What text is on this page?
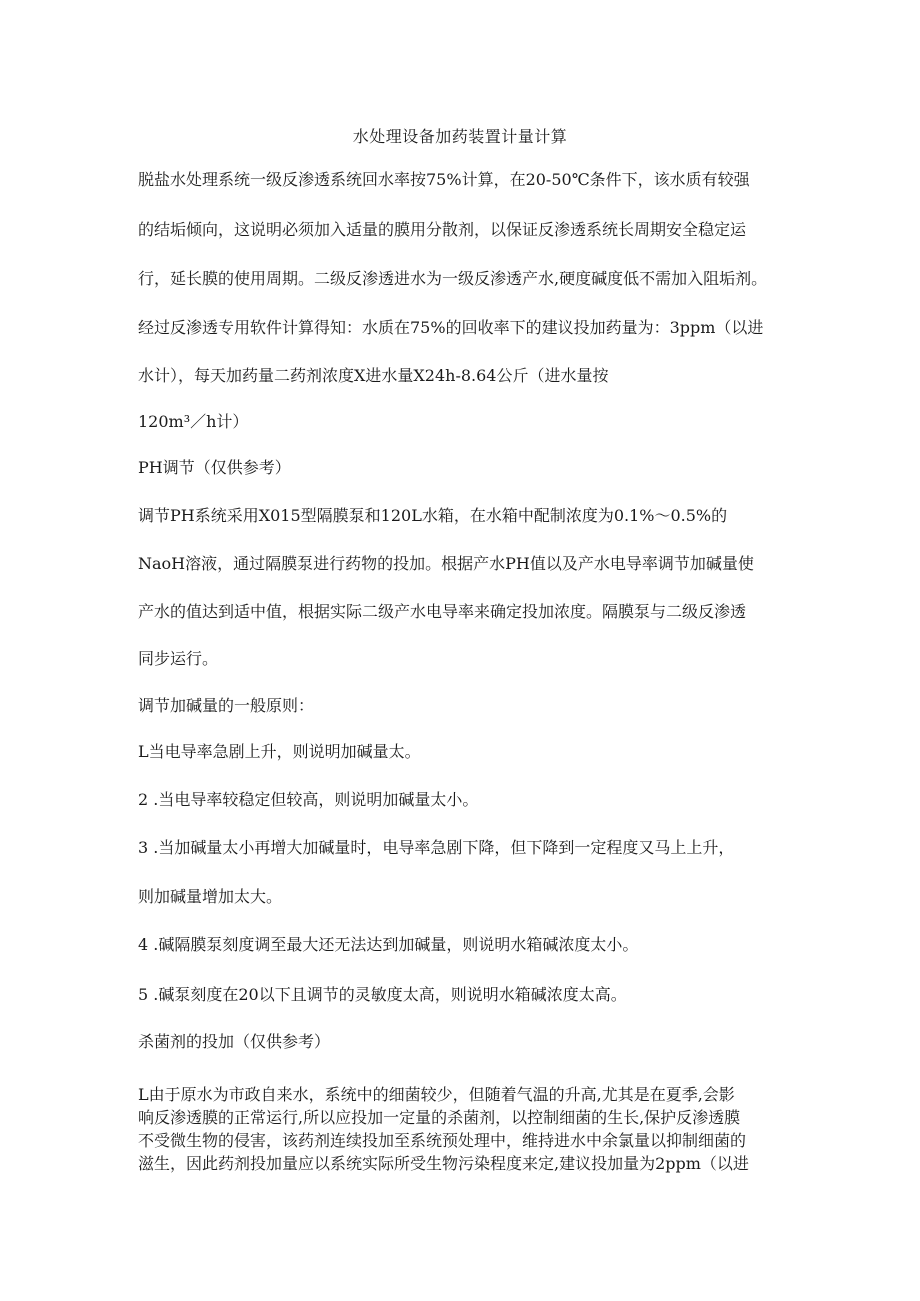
水处理设备加药装置计量计算

脱盐水处理系统一级反渗透系统回水率按75%计算，在20-50℃条件下，该水质有较强

的结垢倾向，这说明必须加入适量的膜用分散剂，以保证反渗透系统长周期安全稳定运

行，延长膜的使用周期。二级反渗透进水为一级反渗透产水,硬度碱度低不需加入阻垢剂。

经过反渗透专用软件计算得知：水质在75%的回收率下的建议投加药量为：3ppm（以进

水计），每天加药量二药剂浓度X进水量X24h-8.64公斤（进水量按

120m³／h计）

PH调节（仅供参考）

调节PH系统采用X015型隔膜泵和120L水箱，在水箱中配制浓度为0.1%～0.5%的

NaoH溶液，通过隔膜泵进行药物的投加。根据产水PH值以及产水电导率调节加碱量使

产水的值达到适中值，根据实际二级产水电导率来确定投加浓度。隔膜泵与二级反渗透

同步运行。

调节加碱量的一般原则：

L当电导率急剧上升，则说明加碱量太。

2 .当电导率较稳定但较高，则说明加碱量太小。

3 .当加碱量太小再增大加碱量时，电导率急剧下降，但下降到一定程度又马上上升，

则加碱量增加太大。

4 .碱隔膜泵刻度调至最大还无法达到加碱量，则说明水箱碱浓度太小。

5 .碱泵刻度在20以下且调节的灵敏度太高，则说明水箱碱浓度太高。

杀菌剂的投加（仅供参考）

L由于原水为市政自来水，系统中的细菌较少，但随着气温的升高,尤其是在夏季,会影
响反渗透膜的正常运行,所以应投加一定量的杀菌剂，以控制细菌的生长,保护反渗透膜
不受微生物的侵害，该药剂连续投加至系统预处理中，维持进水中余氯量以抑制细菌的
滋生，因此药剂投加量应以系统实际所受生物污染程度来定,建议投加量为2ppm（以进
